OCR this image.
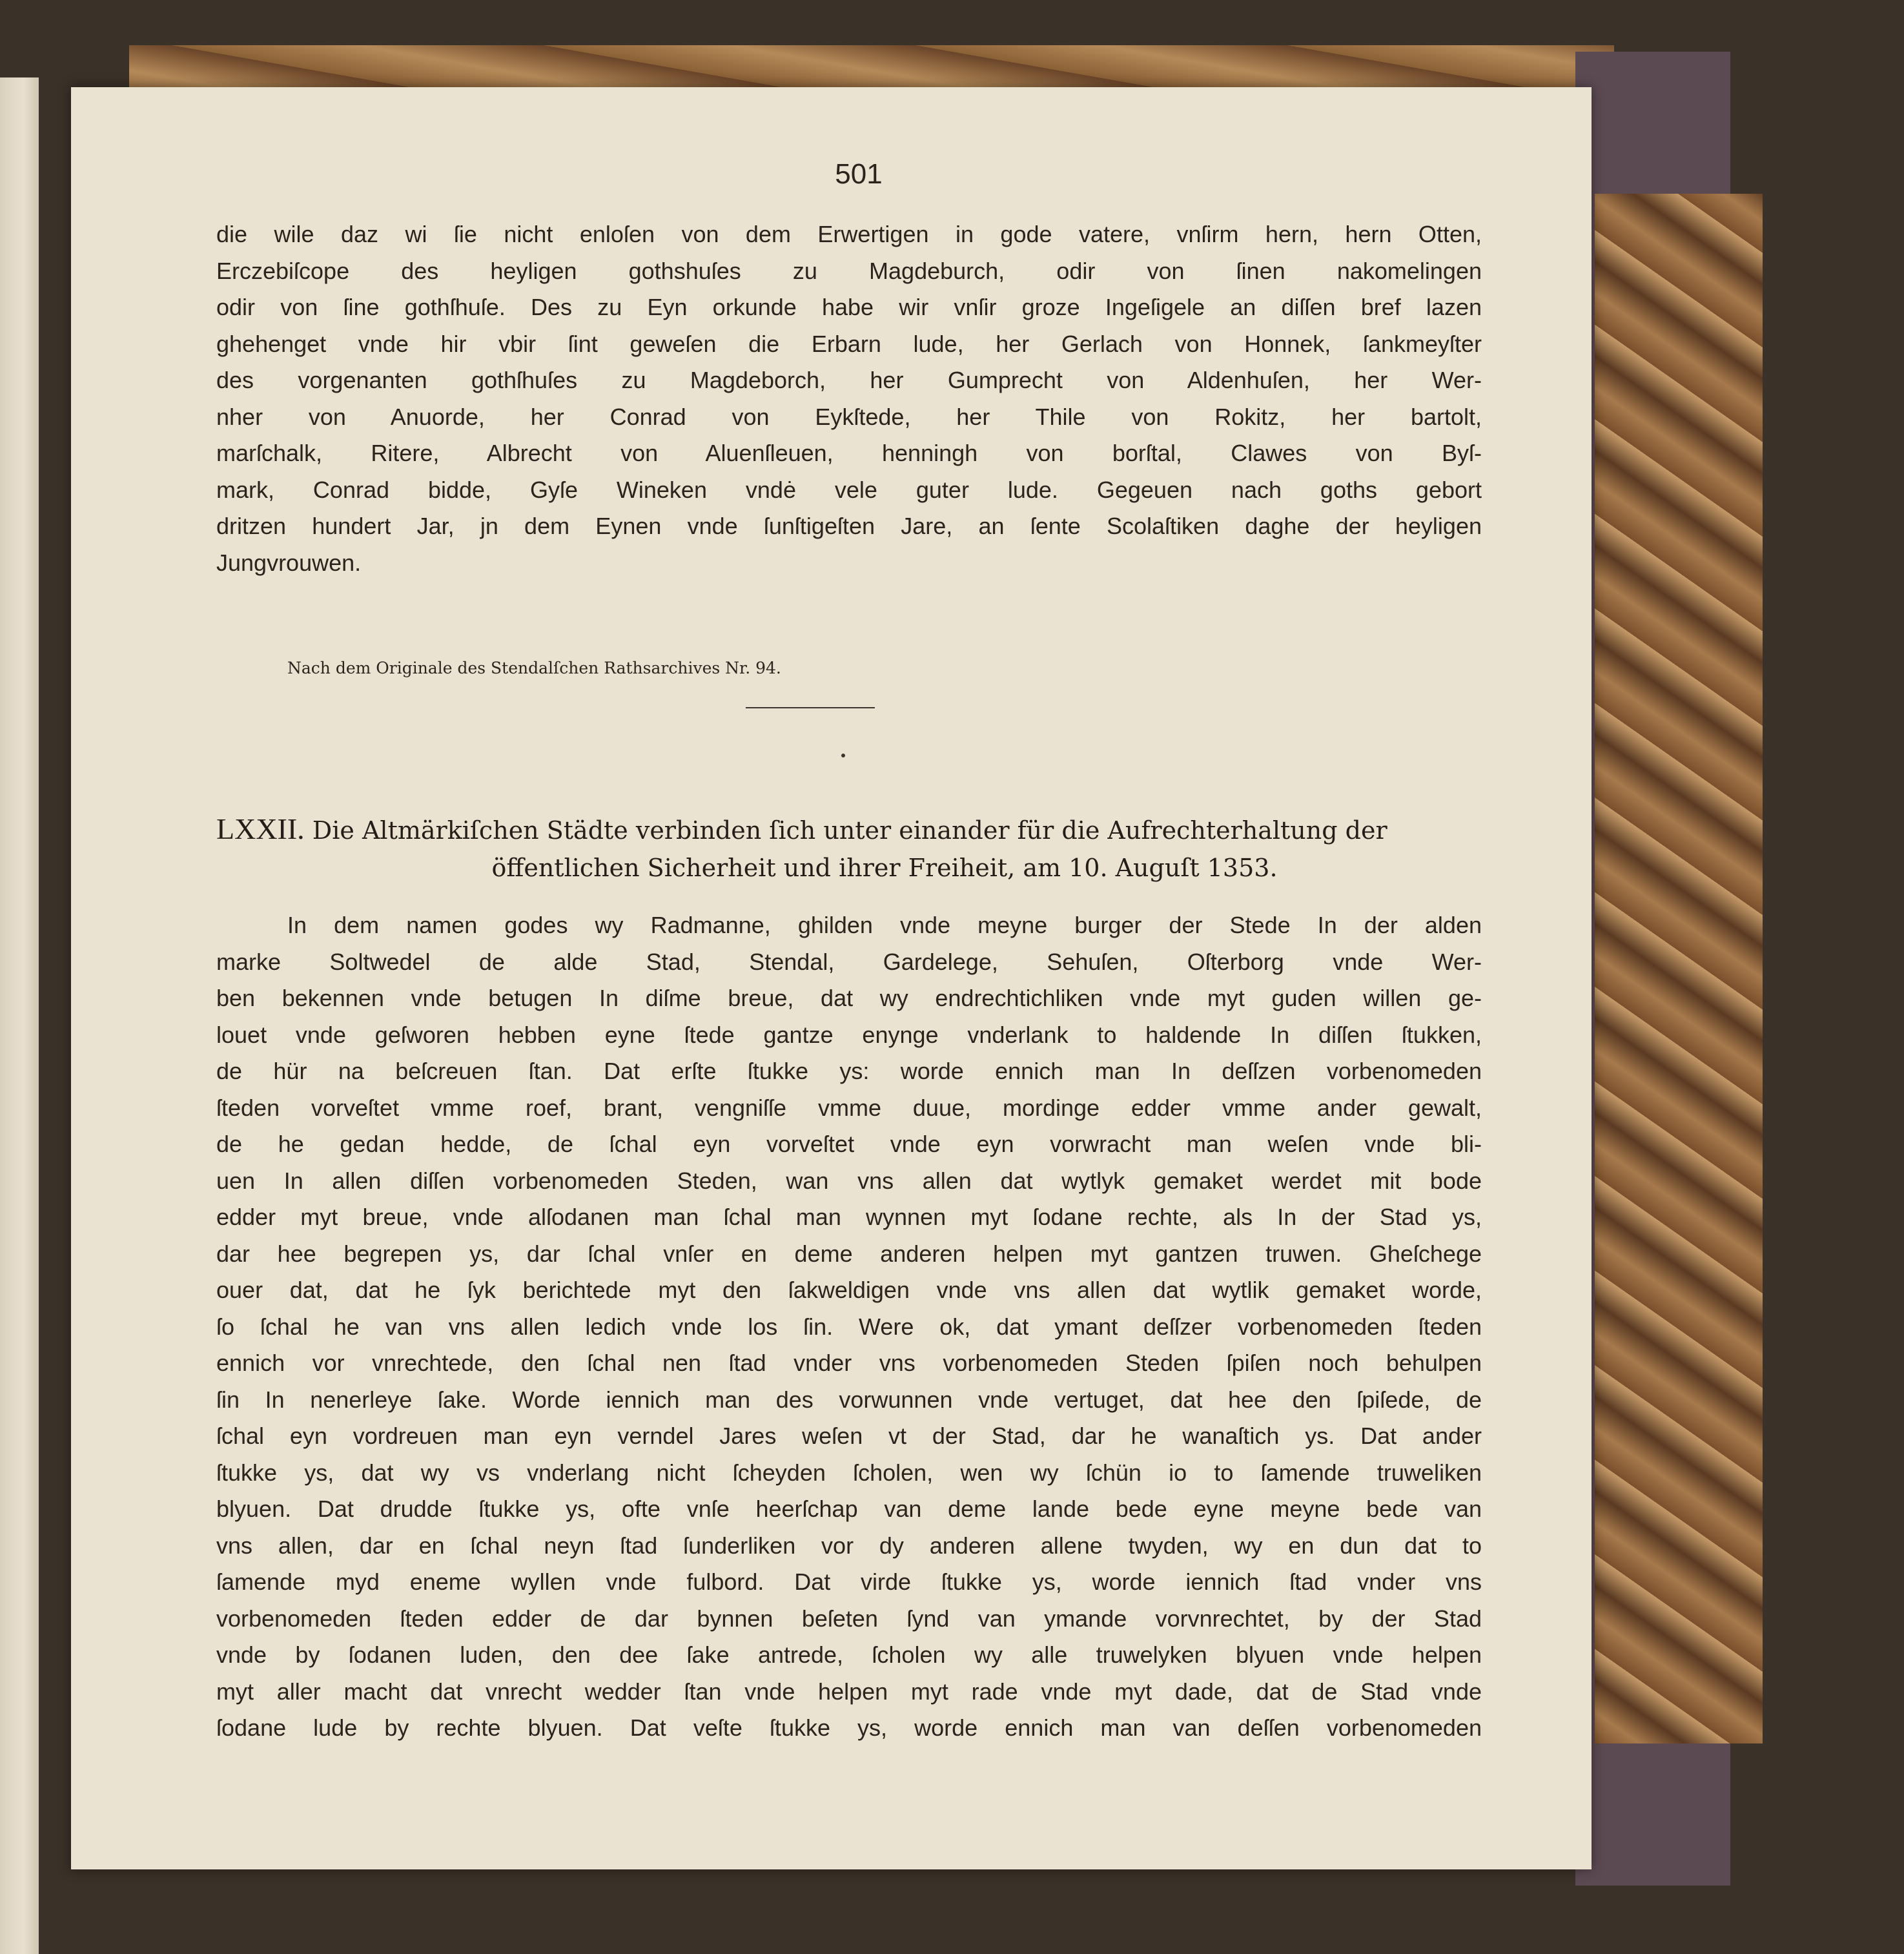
501
die wile daz wi ſie nicht enloſen von dem Erwertigen in gode vatere, vnſirm hern, hern Otten,
Erczebiſcope des heyligen gothshuſes zu Magdeburch, odir von ſinen nakomelingen
odir von ſine gothſhuſe. Des zu Eyn orkunde habe wir vnſir groze Ingeſigele an diſſen bref lazen
ghehenget vnde hir vbir ſint geweſen die Erbarn lude, her Gerlach von Honnek, ſankmeyſter
des vorgenanten gothſhuſes zu Magdeborch, her Gumprecht von Aldenhuſen, her Wer-
nher von Anuorde, her Conrad von Eykſtede, her Thile von Rokitz, her bartolt,
marſchalk, Ritere, Albrecht von Aluenſleuen, henningh von borſtal, Clawes von Byſ-
mark, Conrad bidde, Gyſe Wineken vndė vele guter lude. Gegeuen nach goths gebort
dritzen hundert Jar, jn dem Eynen vnde ſunſtigeſten Jare, an ſente Scolaſtiken daghe der heyligen
Jungvrouwen.
Nach dem Originale des Stendalſchen Rathsarchives Nr. 94.
LXXII. Die Altmärkiſchen Städte verbinden ſich unter einander für die Aufrechterhaltung der
öffentlichen Sicherheit und ihrer Freiheit, am 10. Auguſt 1353.
In dem namen godes wy Radmanne, ghilden vnde meyne burger der Stede In der alden
marke Soltwedel de alde Stad, Stendal, Gardelege, Sehuſen, Oſterborg vnde Wer-
ben bekennen vnde betugen In diſme breue, dat wy endrechtichliken vnde myt guden willen ge-
louet vnde geſworen hebben eyne ſtede gantze enynge vnderlank to haldende In diſſen ſtukken,
de hür na beſcreuen ſtan. Dat erſte ſtukke ys: worde ennich man In deſſzen vorbenomeden
ſteden vorveſtet vmme roef, brant, vengniſſe vmme duue, mordinge edder vmme ander gewalt,
de he gedan hedde, de ſchal eyn vorveſtet vnde eyn vorwracht man weſen vnde bli-
uen In allen diſſen vorbenomeden Steden, wan vns allen dat wytlyk gemaket werdet mit bode
edder myt breue, vnde alſodanen man ſchal man wynnen myt ſodane rechte, als In der Stad ys,
dar hee begrepen ys, dar ſchal vnſer en deme anderen helpen myt gantzen truwen. Gheſchege
ouer dat, dat he ſyk berichtede myt den ſakweldigen vnde vns allen dat wytlik gemaket worde,
ſo ſchal he van vns allen ledich vnde los ſin. Were ok, dat ymant deſſzer vorbenomeden ſteden
ennich vor vnrechtede, den ſchal nen ſtad vnder vns vorbenomeden Steden ſpiſen noch behulpen
ſin In nenerleye ſake. Worde iennich man des vorwunnen vnde vertuget, dat hee den ſpiſede, de
ſchal eyn vordreuen man eyn verndel Jares weſen vt der Stad, dar he wanaſtich ys. Dat ander
ſtukke ys, dat wy vs vnderlang nicht ſcheyden ſcholen, wen wy ſchün io to ſamende truweliken
blyuen. Dat drudde ſtukke ys, ofte vnſe heerſchap van deme lande bede eyne meyne bede van
vns allen, dar en ſchal neyn ſtad ſunderliken vor dy anderen allene twyden, wy en dun dat to
ſamende myd eneme wyllen vnde fulbord. Dat virde ſtukke ys, worde iennich ſtad vnder vns
vorbenomeden ſteden edder de dar bynnen beſeten ſynd van ymande vorvnrechtet, by der Stad
vnde by ſodanen luden, den dee ſake antrede, ſcholen wy alle truwelyken blyuen vnde helpen
myt aller macht dat vnrecht wedder ſtan vnde helpen myt rade vnde myt dade, dat de Stad vnde
ſodane lude by rechte blyuen. Dat veſte ſtukke ys, worde ennich man van deſſen vorbenomeden
